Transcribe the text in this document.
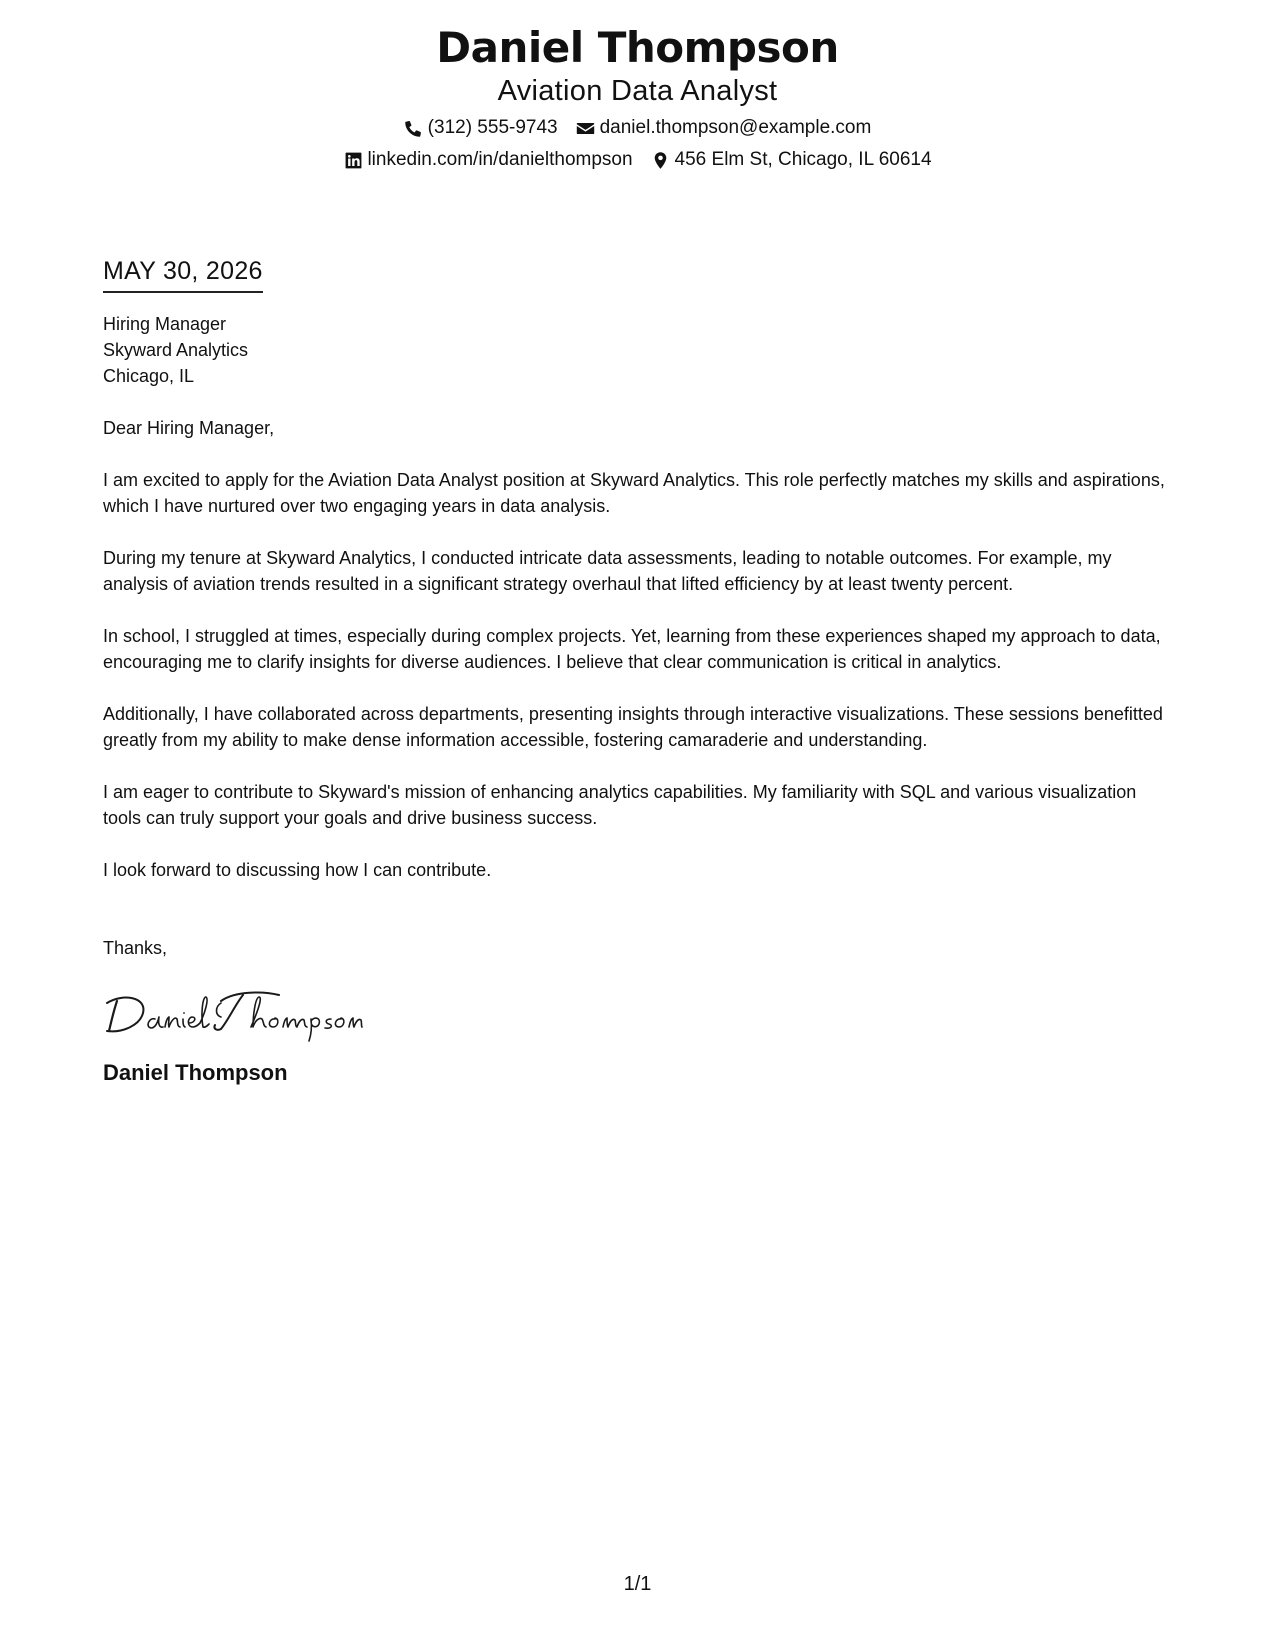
Daniel Thompson
Aviation Data Analyst
(312) 555-9743 daniel.thompson@example.com
linkedin.com/in/danielthompson 456 Elm St, Chicago, IL 60614
MAY 30, 2026
Hiring Manager
Skyward Analytics
Chicago, IL
Dear Hiring Manager,

I am excited to apply for the Aviation Data Analyst position at Skyward Analytics. This role perfectly matches my skills and aspirations, which I have nurtured over two engaging years in data analysis.

During my tenure at Skyward Analytics, I conducted intricate data assessments, leading to notable outcomes. For example, my analysis of aviation trends resulted in a significant strategy overhaul that lifted efficiency by at least twenty percent.

In school, I struggled at times, especially during complex projects. Yet, learning from these experiences shaped my approach to data, encouraging me to clarify insights for diverse audiences. I believe that clear communication is critical in analytics.

Additionally, I have collaborated across departments, presenting insights through interactive visualizations. These sessions benefitted greatly from my ability to make dense information accessible, fostering camaraderie and understanding.

I am eager to contribute to Skyward's mission of enhancing analytics capabilities. My familiarity with SQL and various visualization tools can truly support your goals and drive business success.

I look forward to discussing how I can contribute.

Thanks,
Daniel Thompson
1/1
